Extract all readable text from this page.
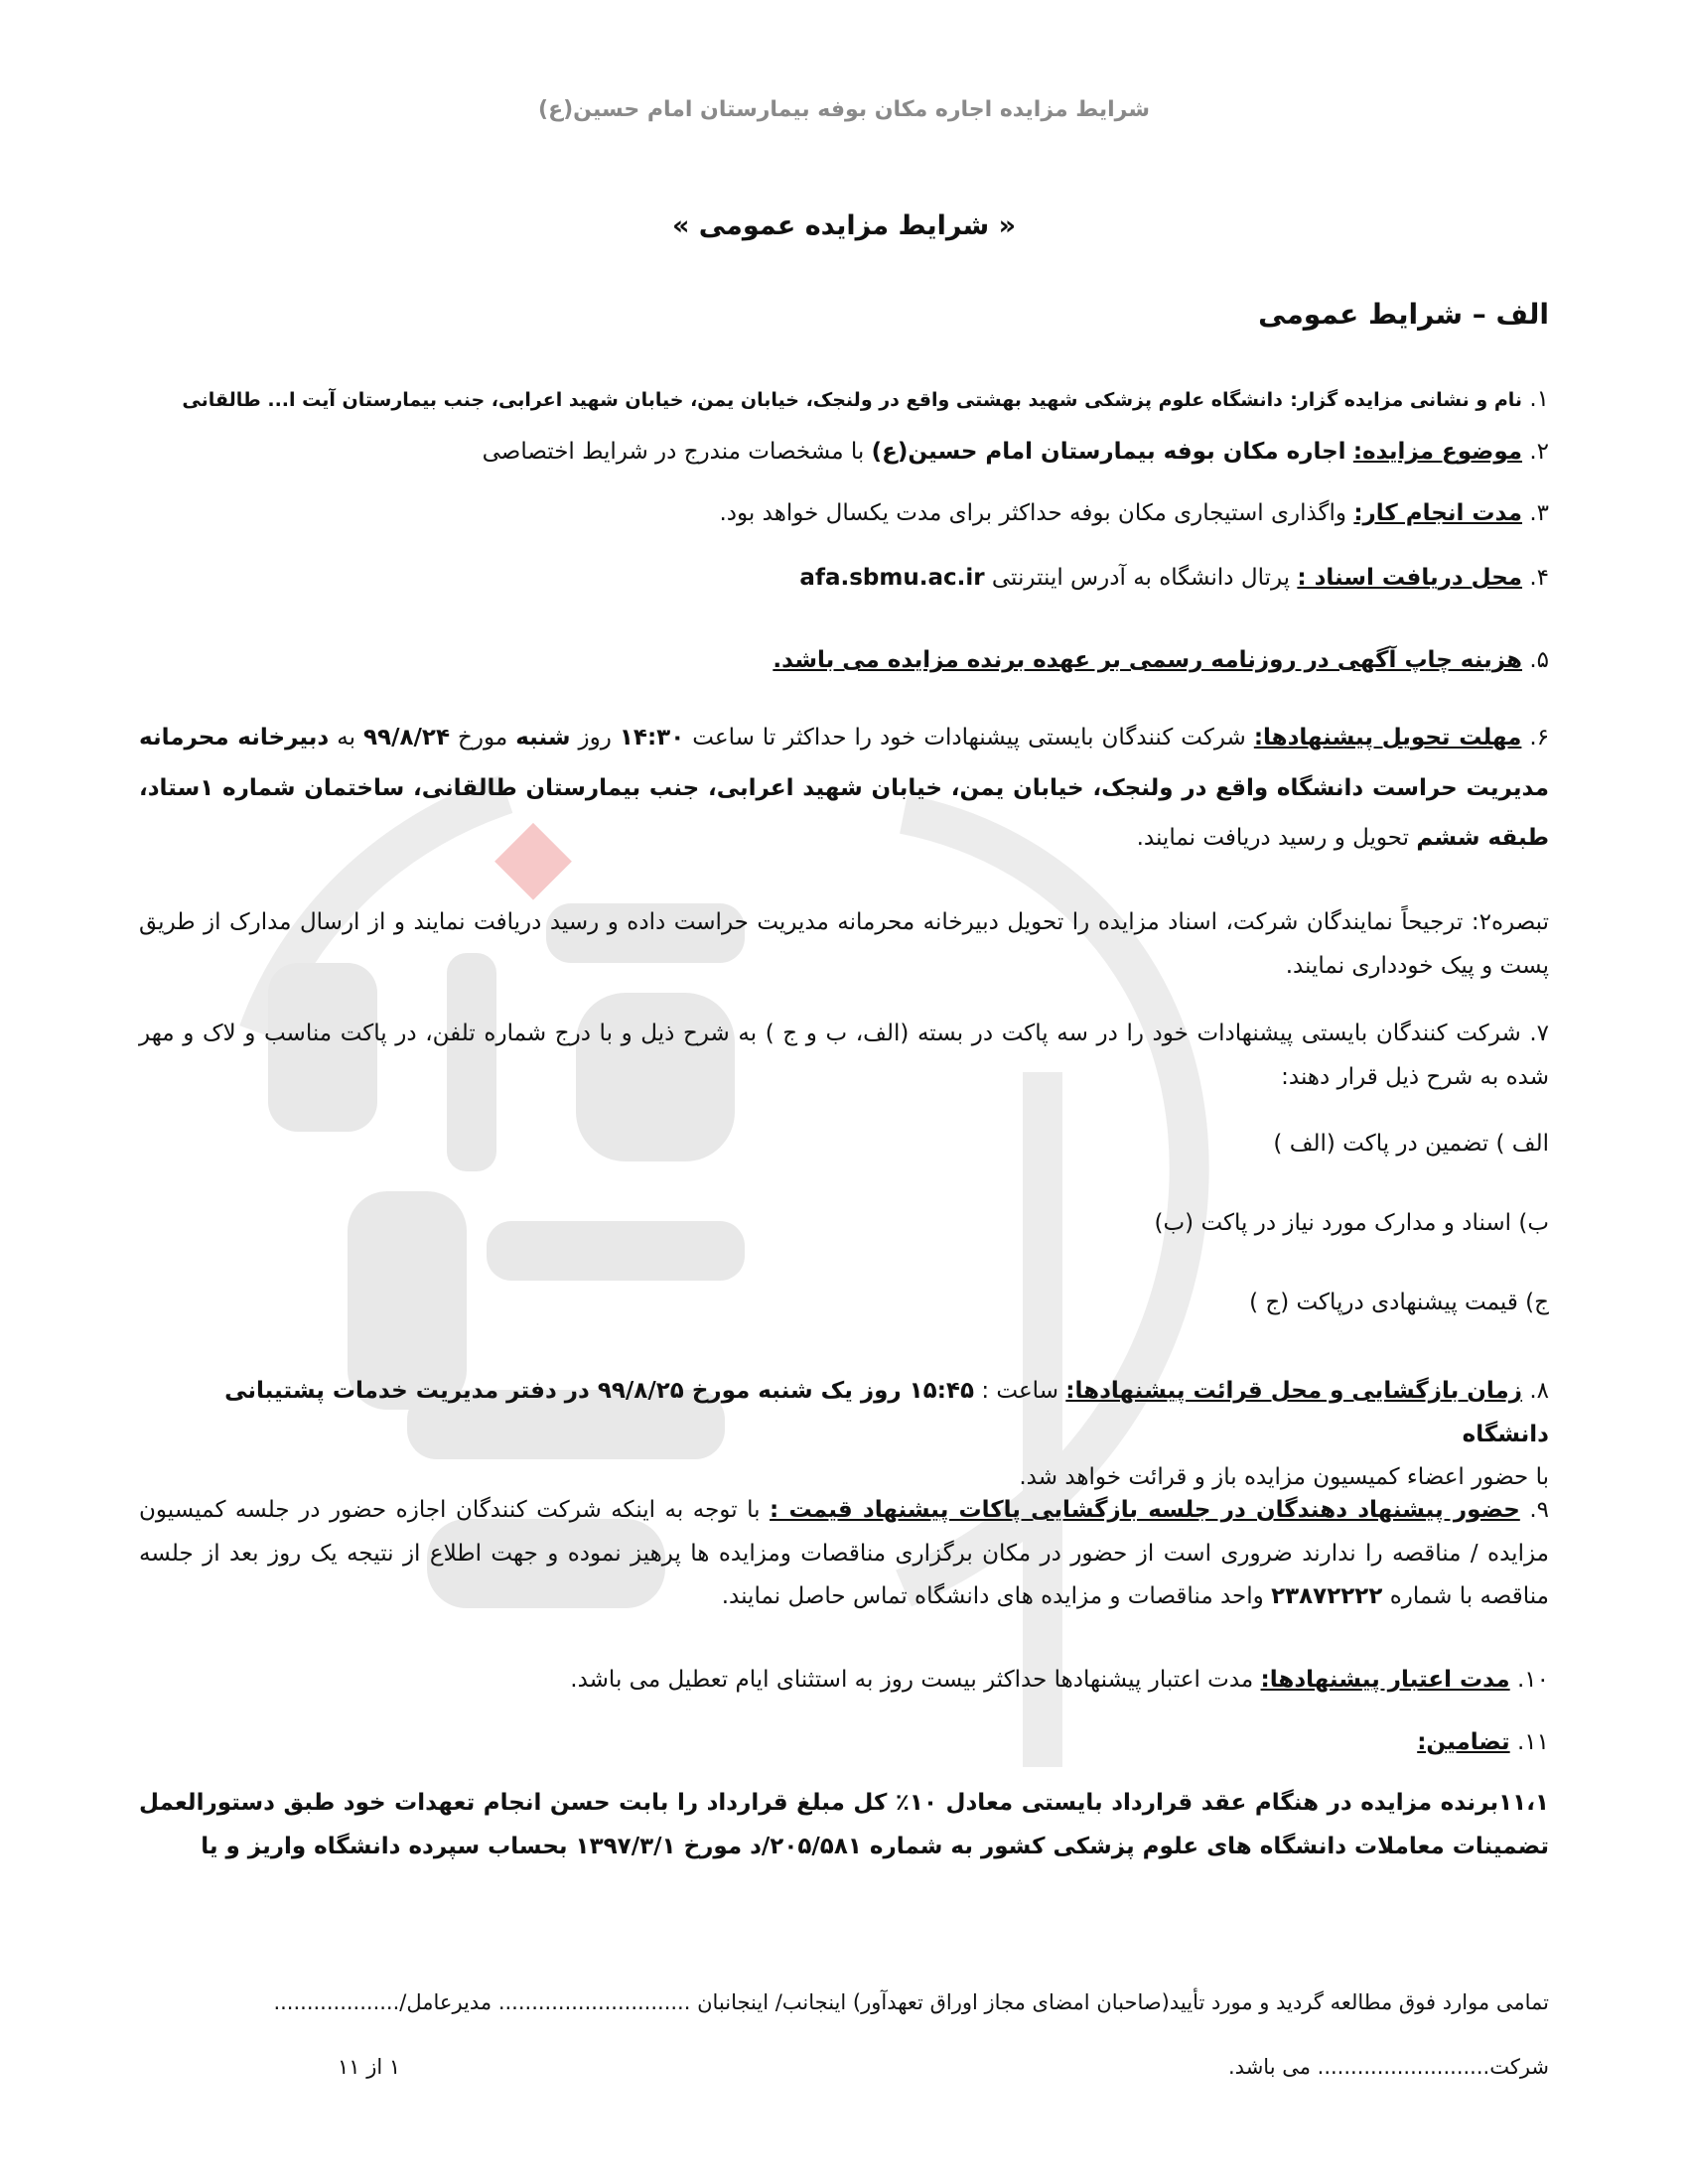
شرایط مزایده اجاره مکان بوفه بیمارستان امام حسین(ع)
« شرایط مزایده عمومی »
الف – شرایط عمومی
١. نام و نشانی مزایده گزار: دانشگاه علوم پزشکی شهید بهشتی واقع در ولنجک، خیابان یمن، خیابان شهید اعرابی، جنب بیمارستان آیت ا... طالقانی
٢. موضوع مزایده: اجاره مکان بوفه بیمارستان امام حسین(ع) با مشخصات مندرج در شرایط اختصاصی
٣. مدت انجام کار: واگذاری استیجاری مکان بوفه حداکثر برای مدت یکسال خواهد بود.
۴. محل دریافت اسناد : پرتال دانشگاه به آدرس اینترنتی afa.sbmu.ac.ir
۵. هزینه چاپ آگهی در روزنامه رسمی بر عهده برنده مزایده می باشد.
۶. مهلت تحویل پیشنهادها: شرکت کنندگان بایستی پیشنهادات خود را حداکثر تا ساعت ۱۴:۳۰ روز شنبه مورخ ۹۹/۸/۲۴ به دبیرخانه محرمانه مدیریت حراست دانشگاه واقع در ولنجک، خیابان یمن، خیابان شهید اعرابی، جنب بیمارستان طالقانی، ساختمان شماره ۱ستاد، طبقه ششم تحویل و رسید دریافت نمایند.
تبصره۲: ترجیحاً نمایندگان شرکت، اسناد مزایده را تحویل دبیرخانه محرمانه مدیریت حراست داده و رسید دریافت نمایند و از ارسال مدارک از طریق پست و پیک خودداری نمایند.
٧. شرکت کنندگان بایستی پیشنهادات خود را در سه پاکت در بسته (الف، ب و ج ) به شرح ذیل و با درج شماره تلفن، در پاکت مناسب و لاک و مهر شده به شرح ذیل قرار دهند:
الف ) تضمین در پاکت (الف )
ب) اسناد و مدارک مورد نیاز در پاکت (ب)
ج) قیمت پیشنهادی درپاکت (ج )
٨. زمان بازگشایی و محل قرائت پیشنهادها: ساعت : ۱۵:۴۵ روز یک شنبه مورخ ۹۹/۸/۲۵ در دفتر مدیریت خدمات پشتیبانی دانشگاه
با حضور اعضاء کمیسیون مزایده باز و قرائت خواهد شد.
٩. حضور پیشنهاد دهندگان در جلسه بازگشایی پاکات پیشنهاد قیمت : با توجه به اینکه شرکت کنندگان اجازه حضور در جلسه کمیسیون مزایده / مناقصه را ندارند ضروری است از حضور در مکان برگزاری مناقصات ومزایده ها پرهیز نموده و جهت اطلاع از نتیجه یک روز بعد از جلسه مناقصه با شماره ۲۳۸۷۲۲۲۲ واحد مناقصات و مزایده های دانشگاه تماس حاصل نمایند.
١٠. مدت اعتبار پیشنهادها: مدت اعتبار پیشنهادها حداکثر بیست روز به استثنای ایام تعطیل می باشد.
١١. تضامین:
١١،١برنده مزایده در هنگام عقد قرارداد بایستی معادل ١٠٪ کل مبلغ قرارداد را بابت حسن انجام تعهدات خود طبق دستورالعمل تضمینات معاملات دانشگاه های علوم پزشکی کشور به شماره ۲۰۵/۵۸۱/د مورخ ۱۳۹۷/۳/۱ بحساب سپرده دانشگاه واریز و یا
تمامی موارد فوق مطالعه گردید و مورد تأیید(صاحبان امضای مجاز اوراق تعهدآور) اینجانب/ اینجانبان ............................. مدیرعامل/...................
شرکت.......................... می باشد.
۱ از ۱۱
